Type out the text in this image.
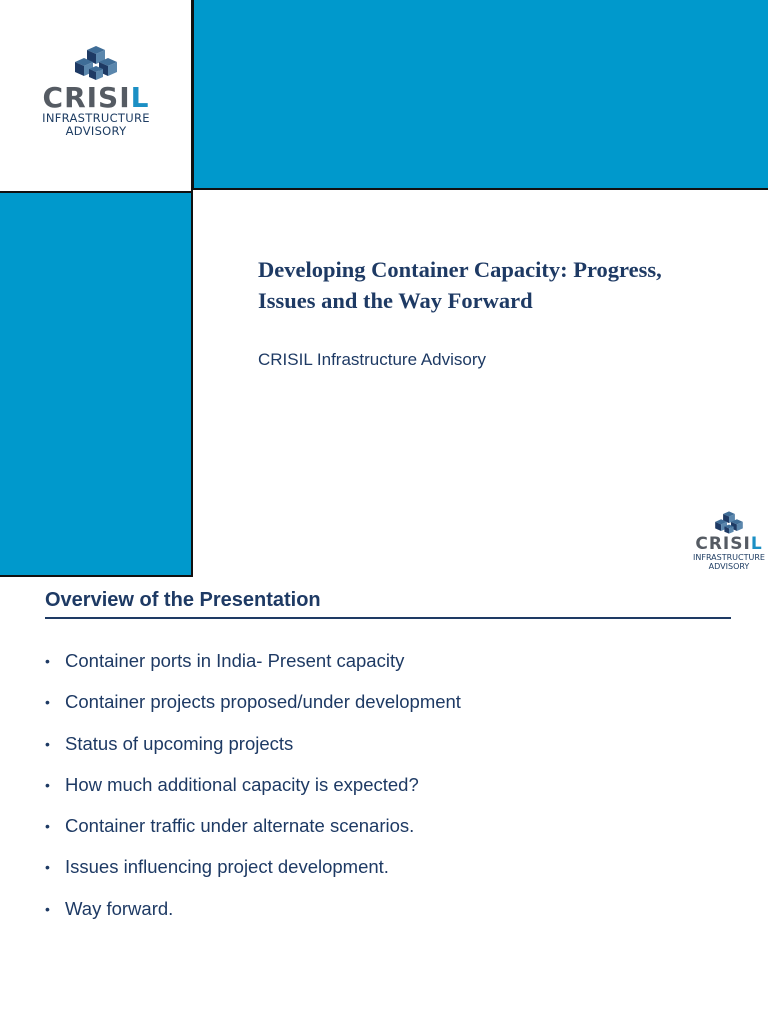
CRISIL
INFRASTRUCTURE
ADVISORY
Developing Container Capacity: Progress,
Issues and the Way Forward

CRISIL Infrastructure Advisory

CRISIL
INFRASTRUCTURE
ADVISORY
Overview of the Presentation
• Container ports in India- Present capacity
• Container projects proposed/under development
• Status of upcoming projects
• How much additional capacity is expected?
• Container traffic under alternate scenarios.
• Issues influencing project development.
• Way forward.
